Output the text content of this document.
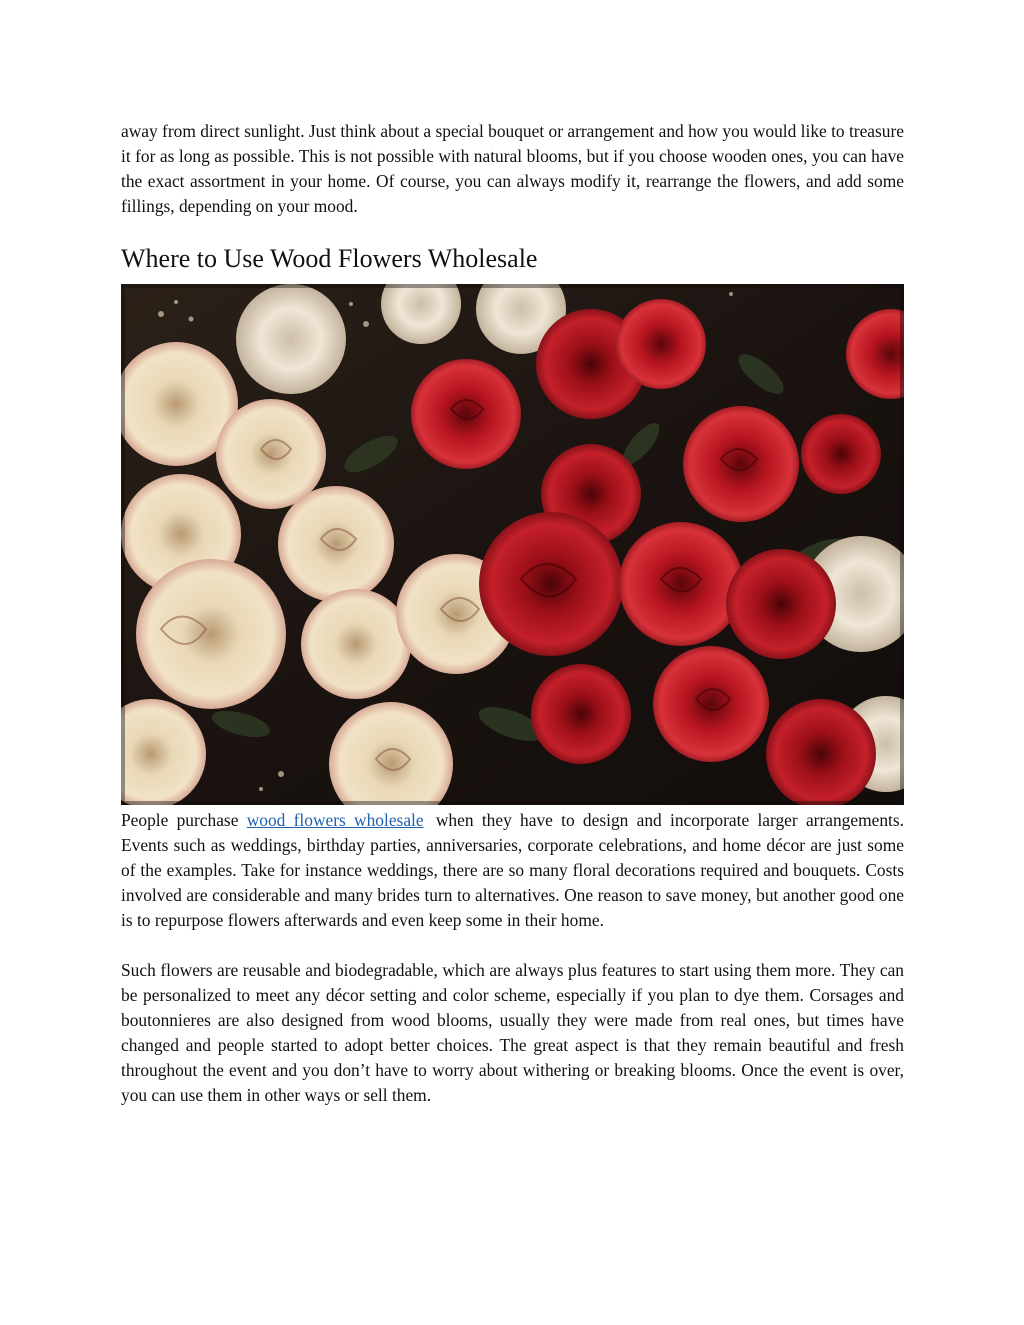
away from direct sunlight. Just think about a special bouquet or arrangement and how you would like to treasure it for as long as possible. This is not possible with natural blooms, but if you choose wooden ones, you can have the exact assortment in your home. Of course, you can always modify it, rearrange the flowers, and add some fillings, depending on your mood.

Where to Use Wood Flowers Wholesale

People purchase wood flowers wholesale when they have to design and incorporate larger arrangements. Events such as weddings, birthday parties, anniversaries, corporate celebrations, and home décor are just some of the examples. Take for instance weddings, there are so many floral decorations required and bouquets. Costs involved are considerable and many brides turn to alternatives. One reason to save money, but another good one is to repurpose flowers afterwards and even keep some in their home.

Such flowers are reusable and biodegradable, which are always plus features to start using them more. They can be personalized to meet any décor setting and color scheme, especially if you plan to dye them. Corsages and boutonnieres are also designed from wood blooms, usually they were made from real ones, but times have changed and people started to adopt better choices. The great aspect is that they remain beautiful and fresh throughout the event and you don’t have to worry about withering or breaking blooms. Once the event is over, you can use them in other ways or sell them.
